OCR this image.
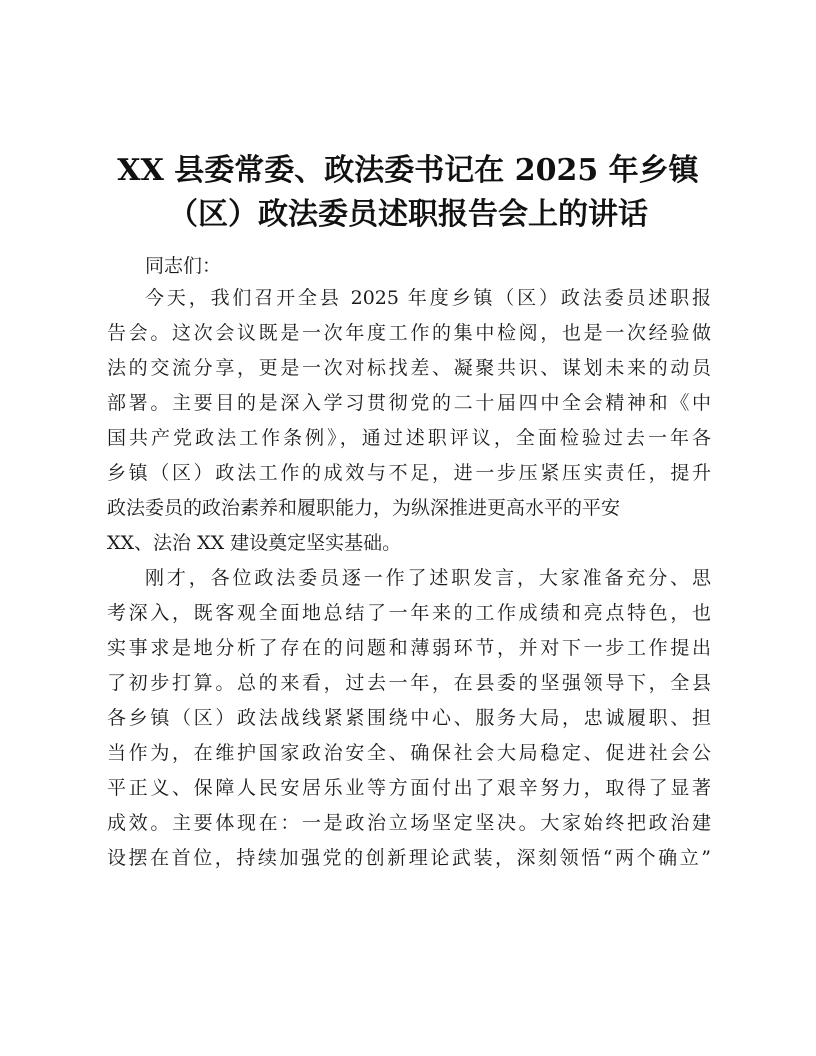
XX 县委常委、政法委书记在 2025 年乡镇
（区）政法委员述职报告会上的讲话
同志们：
今天，我们召开全县 2025 年度乡镇（区）政法委员述职报
告会。这次会议既是一次年度工作的集中检阅，也是一次经验做
法的交流分享，更是一次对标找差、凝聚共识、谋划未来的动员
部署。主要目的是深入学习贯彻党的二十届四中全会精神和《中
国共产党政法工作条例》，通过述职评议，全面检验过去一年各
乡镇（区）政法工作的成效与不足，进一步压紧压实责任，提升
政法委员的政治素养和履职能力，为纵深推进更高水平的平安
XX、法治 XX 建设奠定坚实基础。
刚才，各位政法委员逐一作了述职发言，大家准备充分、思
考深入，既客观全面地总结了一年来的工作成绩和亮点特色，也
实事求是地分析了存在的问题和薄弱环节，并对下一步工作提出
了初步打算。总的来看，过去一年，在县委的坚强领导下，全县
各乡镇（区）政法战线紧紧围绕中心、服务大局，忠诚履职、担
当作为，在维护国家政治安全、确保社会大局稳定、促进社会公
平正义、保障人民安居乐业等方面付出了艰辛努力，取得了显著
成效。主要体现在：一是政治立场坚定坚决。大家始终把政治建
设摆在首位，持续加强党的创新理论武装，深刻领悟“两个确立”
